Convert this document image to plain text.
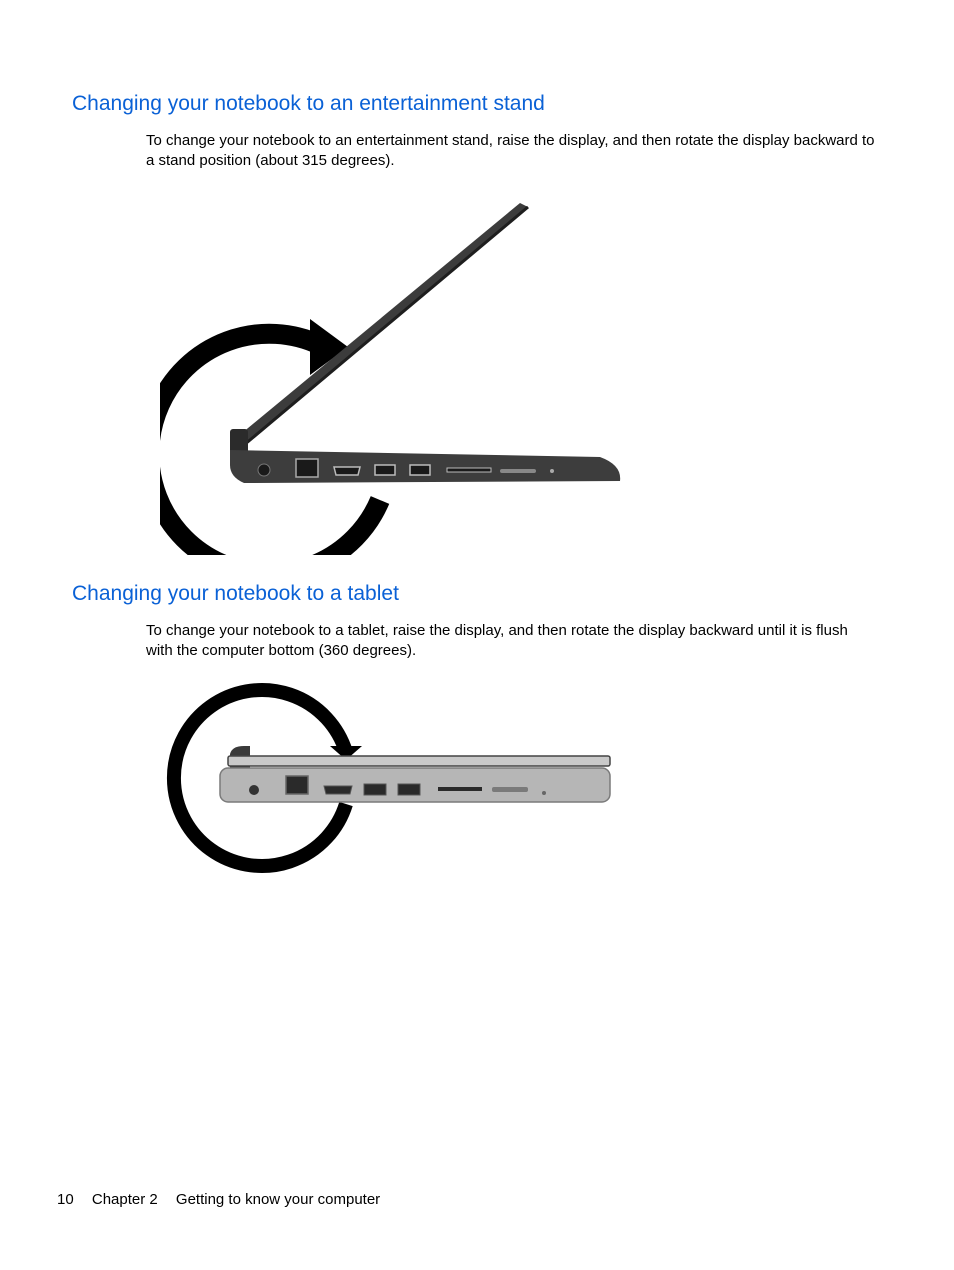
Changing your notebook to an entertainment stand

To change your notebook to an entertainment stand, raise the display, and then rotate the display backward to a stand position (about 315 degrees).

Changing your notebook to a tablet

To change your notebook to a tablet, raise the display, and then rotate the display backward until it is flush with the computer bottom (360 degrees).

10 Chapter 2 Getting to know your computer
